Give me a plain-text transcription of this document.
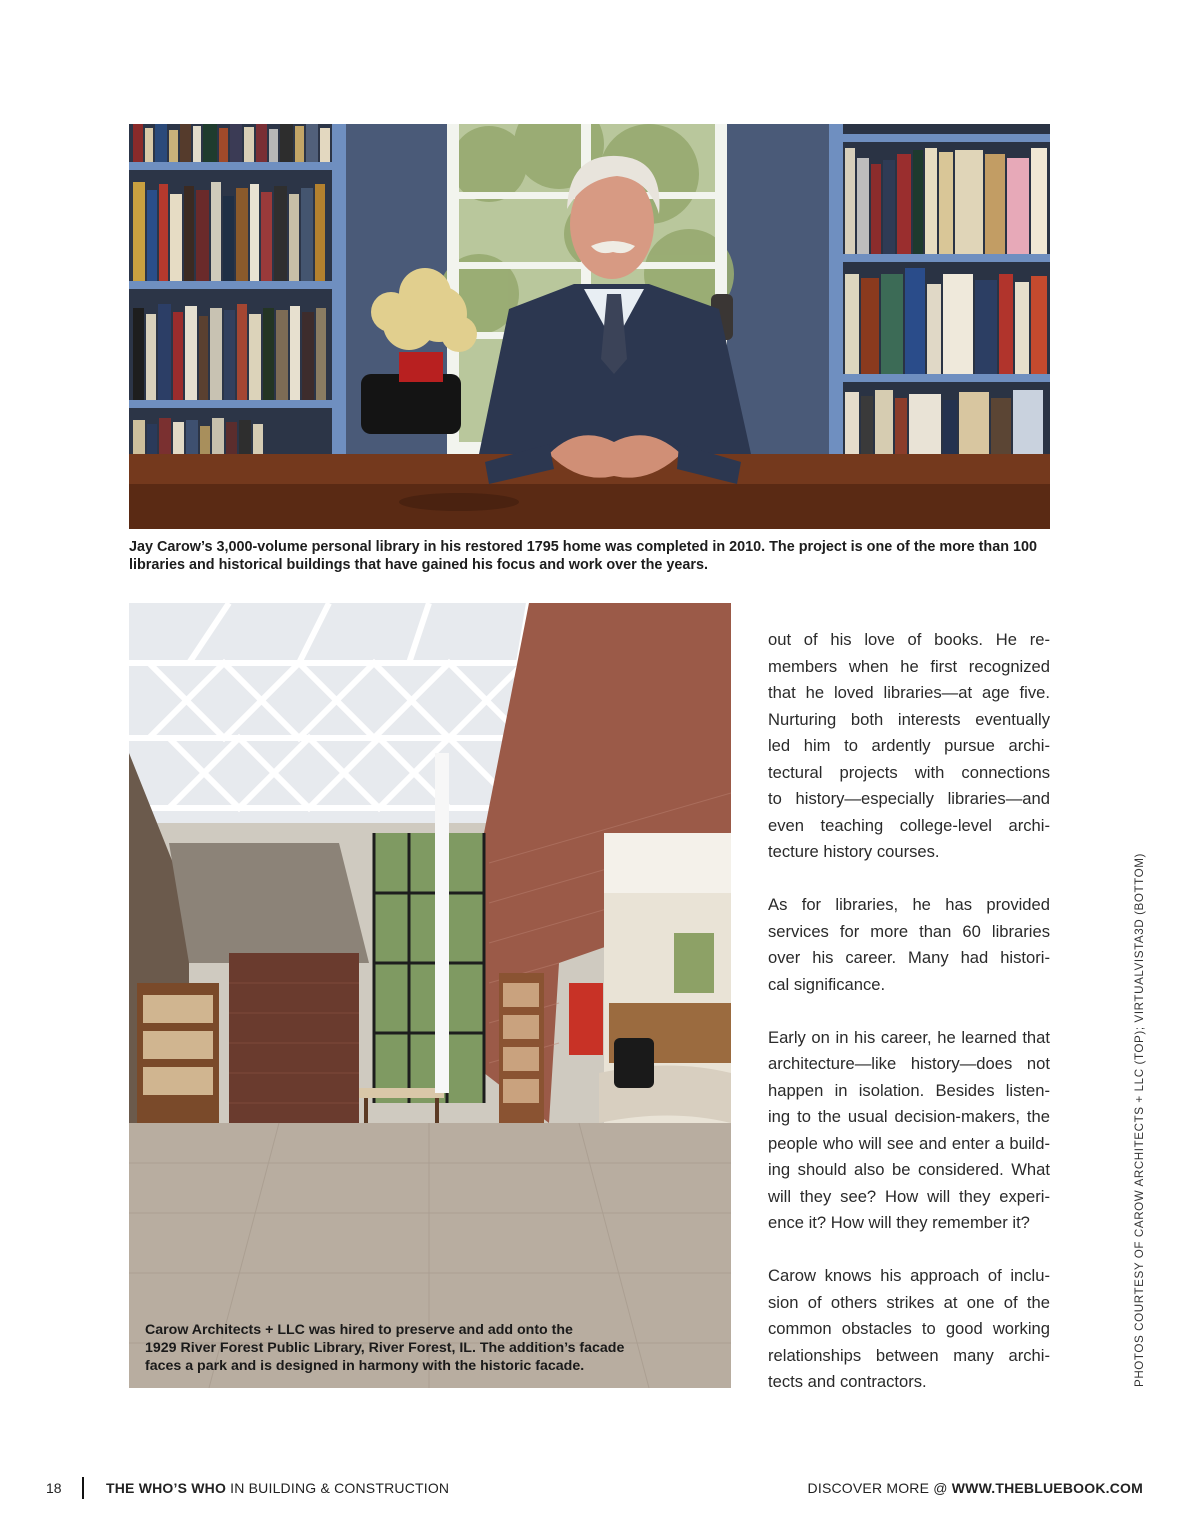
Jay Carow’s 3,000-volume personal library in his restored 1795 home was completed in 2010. The project is one of the more than 100
libraries and historical buildings that have gained his focus and work over the years.
Carow Architects + LLC was hired to preserve and add onto the
1929 River Forest Public Library, River Forest, IL. The addition’s facade
faces a park and is designed in harmony with the historic facade.
out of his love of books. He re-
members when he first recognized
that he loved libraries—at age five.
Nurturing both interests eventually
led him to ardently pursue archi-
tectural projects with connections
to history—especially libraries—and
even teaching college-level archi-
tecture history courses.
As for libraries, he has provided
services for more than 60 libraries
over his career. Many had histori-
cal significance.
Early on in his career, he learned that
architecture—like history—does not
happen in isolation. Besides listen-
ing to the usual decision-makers, the
people who will see and enter a build-
ing should also be considered. What
will they see? How will they experi-
ence it? How will they remember it?
Carow knows his approach of inclu-
sion of others strikes at one of the
common obstacles to good working
relationships between many archi-
tects and contractors.	PHOTOS COURTESY OF CAROW ARCHITECTS + LLC (TOP); VIRTUALVISTA3D (BOTTOM)
18	THE WHO’S WHO IN BUILDING & CONSTRUCTION	DISCOVER MORE @ WWW.THEBLUEBOOK.COM
